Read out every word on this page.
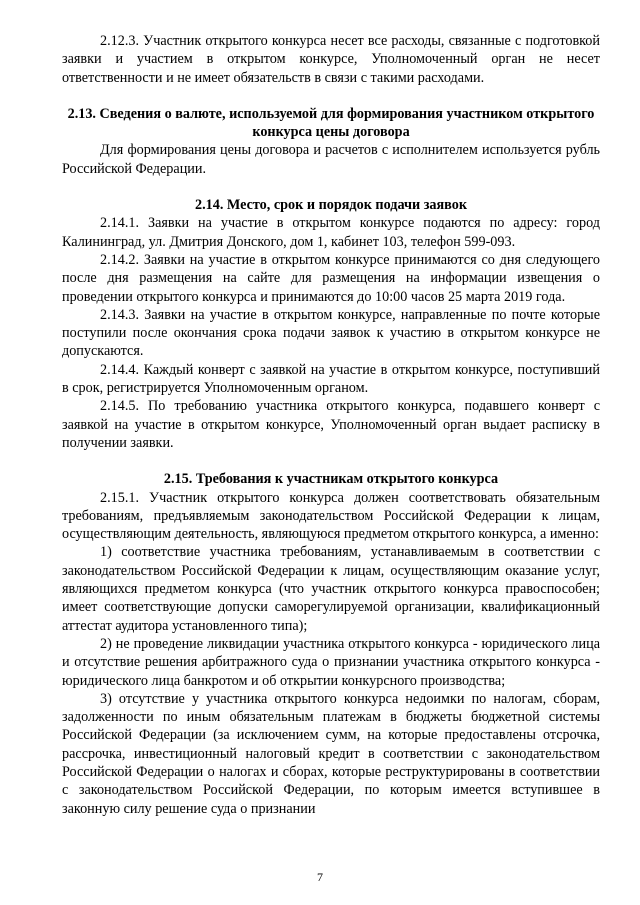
2.12.3. Участник открытого конкурса несет все расходы, связанные с подготовкой заявки и участием в открытом конкурсе, Уполномоченный орган не несет ответственности и не имеет обязательств в связи с такими расходами.

2.13. Сведения о валюте, используемой для формирования участником открытого конкурса цены договора

Для формирования цены договора и расчетов с исполнителем используется рубль Российской Федерации.

2.14. Место, срок и порядок подачи заявок

2.14.1. Заявки на участие в открытом конкурсе подаются по адресу: город Калининград, ул. Дмитрия Донского, дом 1, кабинет 103, телефон 599-093.

2.14.2. Заявки на участие в открытом конкурсе принимаются со дня следующего после дня размещения на сайте для размещения на информации извещения о проведении открытого конкурса и принимаются до 10:00 часов 25 марта 2019 года.

2.14.3. Заявки на участие в открытом конкурсе, направленные по почте которые поступили после окончания срока подачи заявок к участию в открытом конкурсе не допускаются.

2.14.4. Каждый конверт с заявкой на участие в открытом конкурсе, поступивший в срок, регистрируется Уполномоченным органом.

2.14.5. По требованию участника открытого конкурса, подавшего конверт с заявкой на участие в открытом конкурсе, Уполномоченный орган выдает расписку в получении заявки.

2.15. Требования к участникам открытого конкурса

2.15.1. Участник открытого конкурса должен соответствовать обязательным требованиям, предъявляемым законодательством Российской Федерации к лицам, осуществляющим деятельность, являющуюся предметом открытого конкурса, а именно:

1) соответствие участника требованиям, устанавливаемым в соответствии с законодательством Российской Федерации к лицам, осуществляющим оказание услуг, являющихся предметом конкурса (что участник открытого конкурса правоспособен; имеет соответствующие допуски саморегулируемой организации, квалификационный аттестат аудитора установленного типа);

2) не проведение ликвидации участника открытого конкурса - юридического лица и отсутствие решения арбитражного суда о признании участника открытого конкурса - юридического лица банкротом и об открытии конкурсного производства;

3) отсутствие у участника открытого конкурса недоимки по налогам, сборам, задолженности по иным обязательным платежам в бюджеты бюджетной системы Российской Федерации (за исключением сумм, на которые предоставлены отсрочка, рассрочка, инвестиционный налоговый кредит в соответствии с законодательством Российской Федерации о налогах и сборах, которые реструктурированы в соответствии с законодательством Российской Федерации, по которым имеется вступившее в законную силу решение суда о признании

7
